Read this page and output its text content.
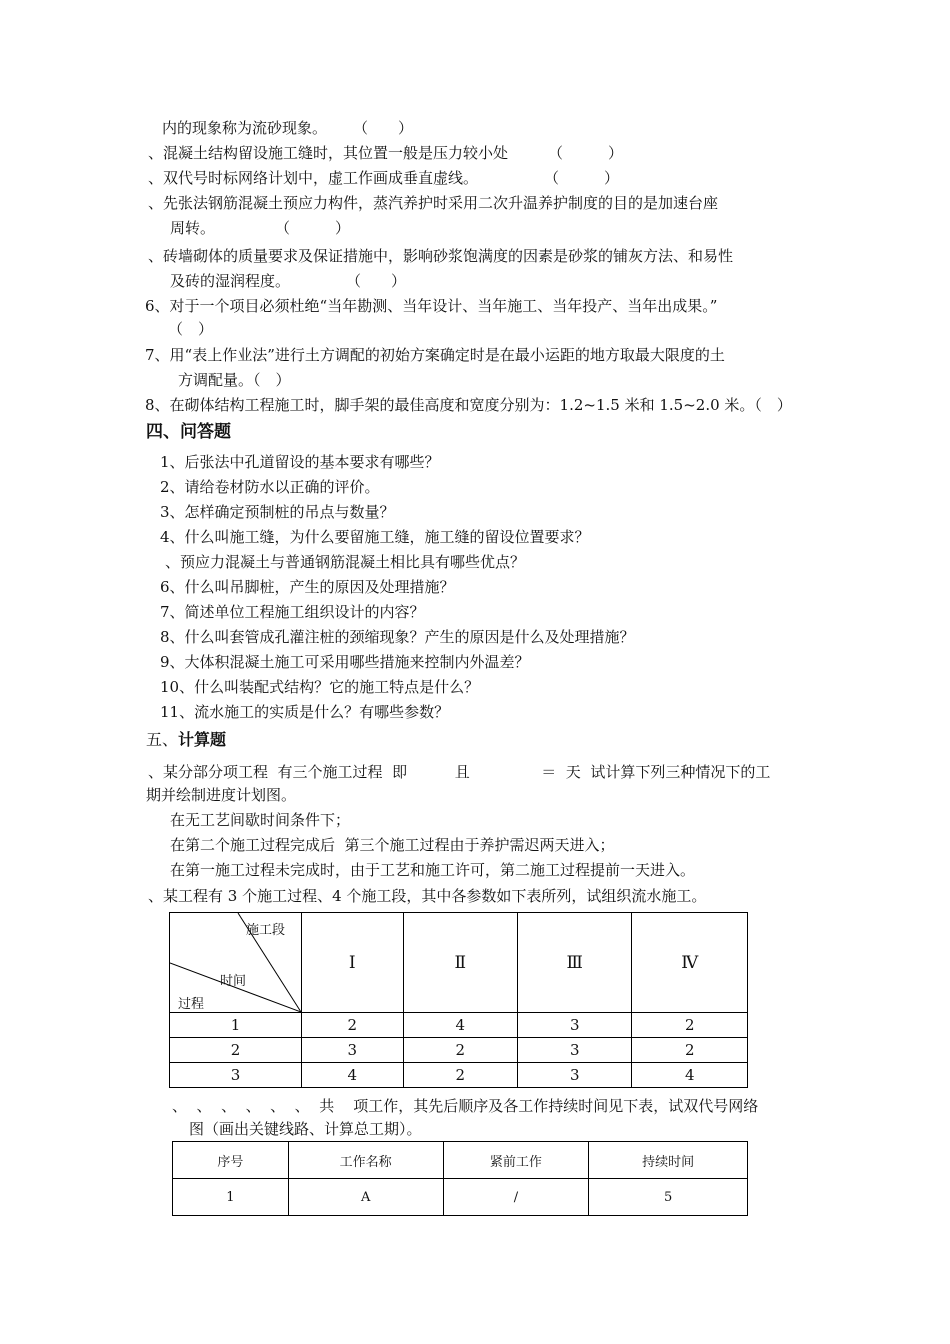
内的现象称为流砂现象。 （　　）
、混凝土结构留设施工缝时，其位置一般是压力较小处	（　　　）
、双代号时标网络计划中，虚工作画成垂直虚线。	（　　　）
、先张法钢筋混凝土预应力构件，蒸汽养护时采用二次升温养护制度的目的是加速台座
周转。	（　　　）
、砖墙砌体的质量要求及保证措施中，影响砂浆饱满度的因素是砂浆的铺灰方法、和易性
及砖的湿润程度。	（　　）
6、对于一个项目必须杜绝“当年勘测、当年设计、当年施工、当年投产、当年出成果。”
（　）
7、用“表上作业法”进行土方调配的初始方案确定时是在最小运距的地方取最大限度的土
方调配量。（　）
8、在砌体结构工程施工时，脚手架的最佳高度和宽度分别为：1.2~1.5 米和 1.5~2.0 米。（　）
四、问答题
1、后张法中孔道留设的基本要求有哪些？
2、请给卷材防水以正确的评价。
3、怎样确定预制桩的吊点与数量？
4、什么叫施工缝，为什么要留施工缝，施工缝的留设位置要求？
、预应力混凝土与普通钢筋混凝土相比具有哪些优点？
6、什么叫吊脚桩，产生的原因及处理措施？
7、简述单位工程施工组织设计的内容？
8、什么叫套管成孔灌注桩的颈缩现象？产生的原因是什么及处理措施？
9、大体积混凝土施工可采用哪些措施来控制内外温差？
10、什么叫装配式结构？它的施工特点是什么？
11、流水施工的实质是什么？有哪些参数？
五、计算题
、某分部分项工程  有三个施工过程  即          且               ＝  天  试计算下列三种情况下的工
期并绘制进度计划图。
在无工艺间歇时间条件下；
在第二个施工过程完成后  第三个施工过程由于养护需迟两天进入；
在第一施工过程未完成时，由于工艺和施工许可，第二施工过程提前一天进入。
、某工程有 3 个施工过程、4 个施工段，其中各参数如下表所列，试组织流水施工。
施工段
时间
过程	Ⅰ	Ⅱ	Ⅲ	Ⅳ
1	2	4	3	2
2	3	2	3	2
3	4	2	3	4
、  、  、  、  、  、  共    项工作，其先后顺序及各工作持续时间见下表，试双代号网络
图（画出关键线路、计算总工期）。
序号	工作名称	紧前工作	持续时间
1	A	/	5
